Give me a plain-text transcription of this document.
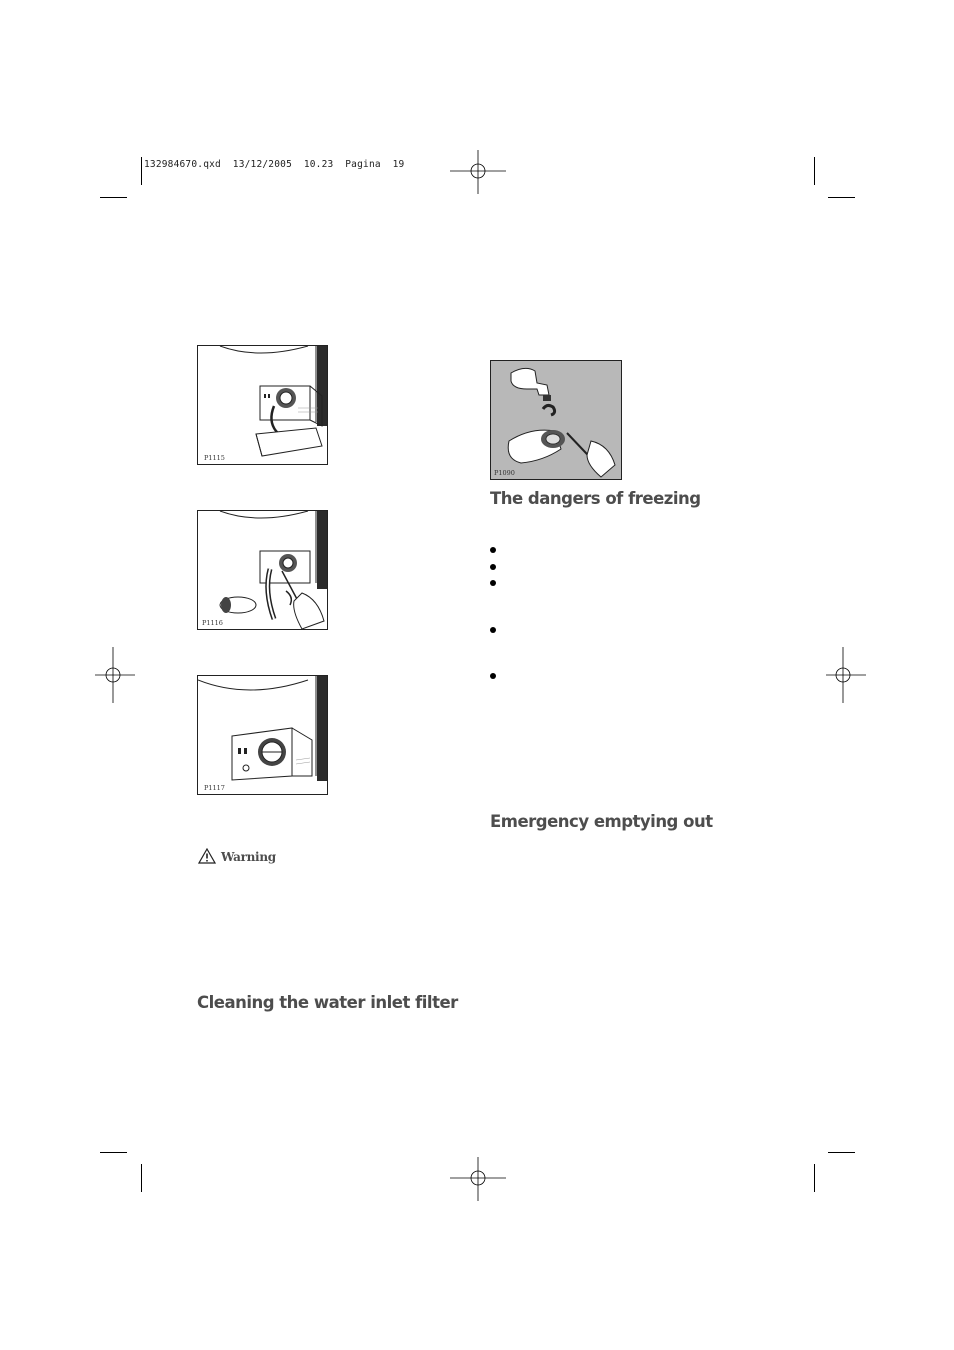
132984670.qxd  13/12/2005  10.23  Pagina  19
P1115
P1116
P1117
P1090
The dangers of freezing
Emergency emptying out
Cleaning the water inlet filter
Warning
